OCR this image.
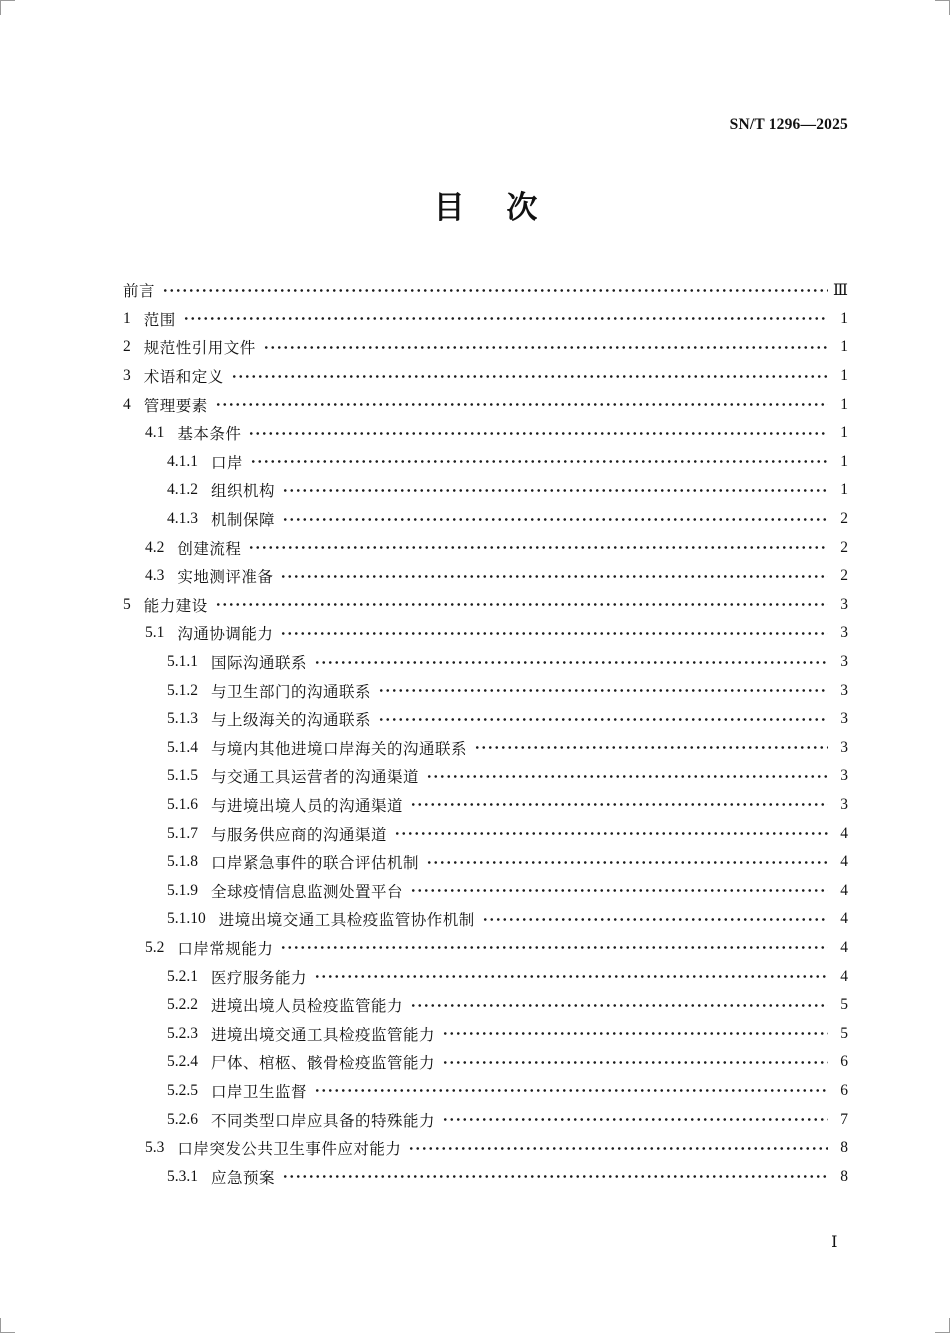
SN/T 1296—2025
目次
前言	Ⅲ
1 范围	1
2 规范性引用文件	1
3 术语和定义	1
4 管理要素	1
4.1 基本条件	1
4.1.1 口岸	1
4.1.2 组织机构	1
4.1.3 机制保障	2
4.2 创建流程	2
4.3 实地测评准备	2
5 能力建设	3
5.1 沟通协调能力	3
5.1.1 国际沟通联系	3
5.1.2 与卫生部门的沟通联系	3
5.1.3 与上级海关的沟通联系	3
5.1.4 与境内其他进境口岸海关的沟通联系	3
5.1.5 与交通工具运营者的沟通渠道	3
5.1.6 与进境出境人员的沟通渠道	3
5.1.7 与服务供应商的沟通渠道	4
5.1.8 口岸紧急事件的联合评估机制	4
5.1.9 全球疫情信息监测处置平台	4
5.1.10 进境出境交通工具检疫监管协作机制	4
5.2 口岸常规能力	4
5.2.1 医疗服务能力	4
5.2.2 进境出境人员检疫监管能力	5
5.2.3 进境出境交通工具检疫监管能力	5
5.2.4 尸体、棺柩、骸骨检疫监管能力	6
5.2.5 口岸卫生监督	6
5.2.6 不同类型口岸应具备的特殊能力	7
5.3 口岸突发公共卫生事件应对能力	8
5.3.1 应急预案	8
Ⅰ
